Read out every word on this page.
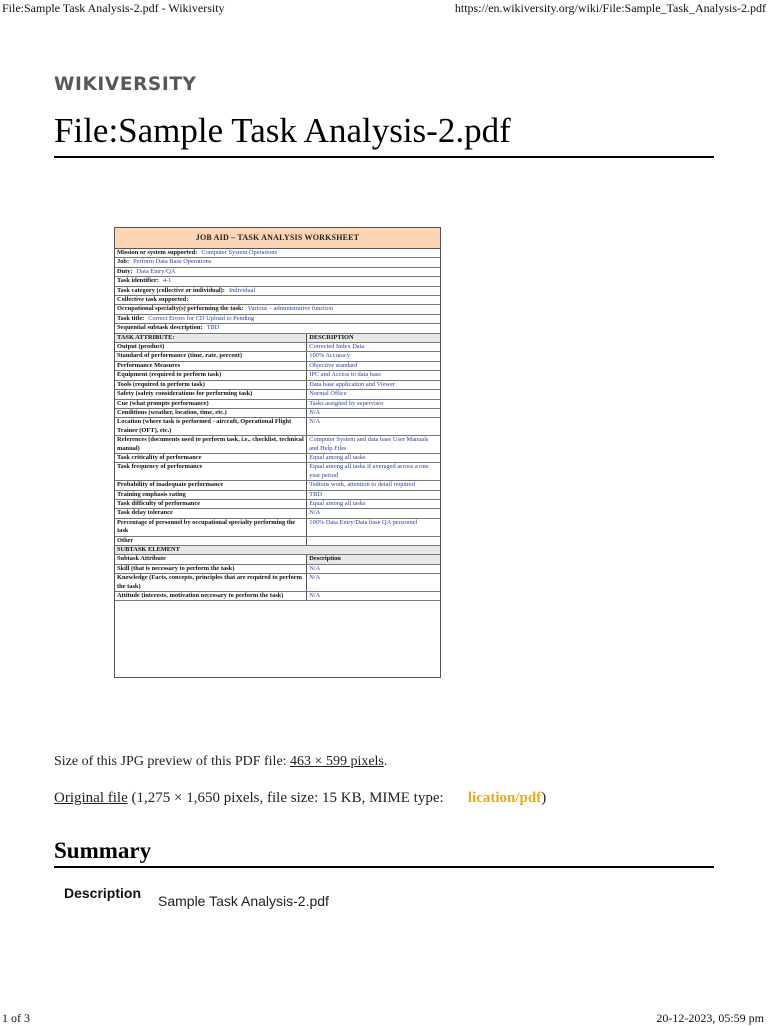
File:Sample Task Analysis-2.pdf - Wikiversity	https://en.wikiversity.org/wiki/File:Sample_Task_Analysis-2.pdf
WIKIVERSITY
File:Sample Task Analysis-2.pdf
JOB AID – TASK ANALYSIS WORKSHEET
Mission or system supported: Computer System Operations	
Job: Perform Data Base Operations	
Duty: Data Entry/QA	
Task identifier: 4-1	
Task category (collective or individual): Individual	
Collective task supported:	
Occupational specialty(s) performing the task: Various – administrative function	
Task title: Correct Errors for CD Upload to Pending	
Sequential subtask description: TBD	
TASK ATTRIBUTE:	DESCRIPTION
Output (product)	Corrected Index Data
Standard of performance (time, rate, percent)	100% Accuracy
Performance Measures	Objective standard
Equipment (required to perform task)	IPC and Access to data base
Tools (required to perform task)	Data base application and Viewer
Safety (safety considerations for performing task)	Normal Office
Cue (what prompts performance)	Tasks assigned by supervisor
Conditions (weather, location, time, etc.)	N/A
Location (where task is performed - aircraft, Operational Flight Trainer (OFT), etc.)	N/A
References (documents used to perform task, i.e., checklist, technical manual)	Computer System and data base User Manuals and Help Files
Task criticality of performance	Equal among all tasks
Task frequency of performance	Equal among all tasks if averaged across a one year period
Probability of inadequate performance	Tedious work, attention to detail required
Training emphasis rating	TBD
Task difficulty of performance	Equal among all tasks
Task delay tolerance	N/A
Percentage of personnel by occupational specialty performing the task	100% Data Entry/Data base QA personnel
Other	
SUBTASK ELEMENT	
Subtask Attribute	Description
Skill (that is necessary to perform the task)	N/A
Knowledge (Facts, concepts, principles that are required to perform the task)	N/A
Attitude (interests, motivation necessary to perform the task)	N/A
Size of this JPG preview of this PDF file: 463 × 599 pixels.
Original file (1,275 × 1,650 pixels, file size: 15 KB, MIME type:application/pdf)
Summary
Description Sample Task Analysis-2.pdf
1 of 3	20-12-2023, 05:59 pm
